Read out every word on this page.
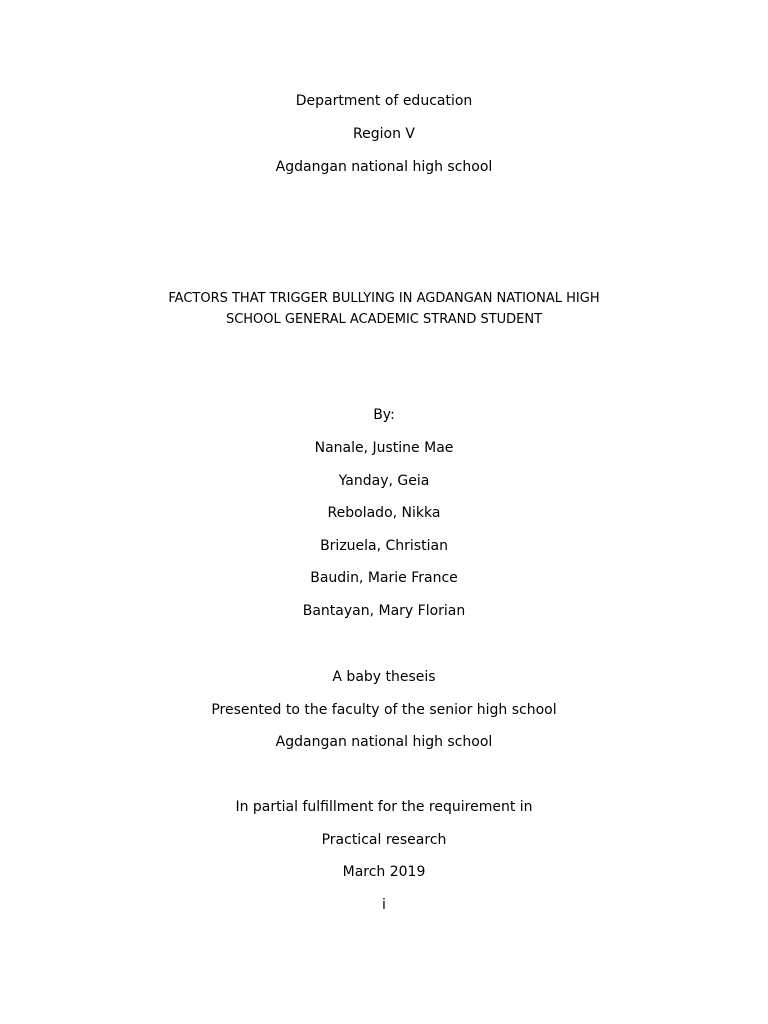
Department of education
Region V
Agdangan national high school
FACTORS THAT TRIGGER BULLYING IN AGDANGAN NATIONAL HIGH
SCHOOL GENERAL ACADEMIC STRAND STUDENT
By:
Nanale, Justine Mae
Yanday, Geia
Rebolado, Nikka
Brizuela, Christian
Baudin, Marie France
Bantayan, Mary Florian
A baby theseis
Presented to the faculty of the senior high school
Agdangan national high school
In partial fulfillment for the requirement in
Practical research
March 2019
i
